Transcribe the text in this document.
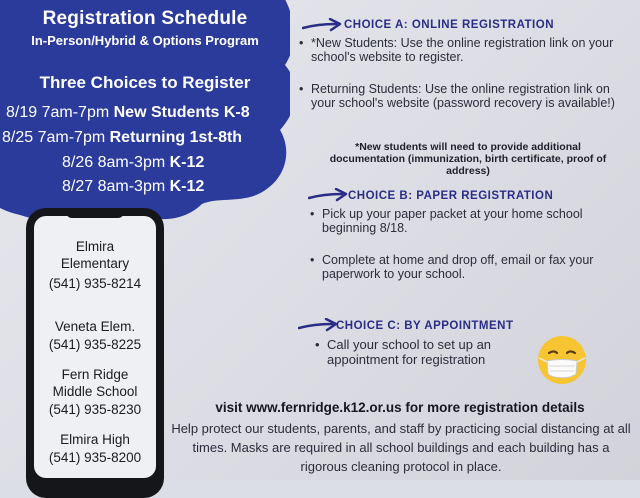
Registration Schedule
In-Person/Hybrid & Options Program
Three Choices to Register
8/19 7am-7pm New Students K-8
8/25 7am-7pm Returning 1st-8th
8/26 8am-3pm K-12
8/27 8am-3pm K-12
Elmira Elementary
(541) 935-8214
Veneta Elem.
(541) 935-8225
Fern Ridge Middle School
(541) 935-8230
Elmira High
(541) 935-8200
CHOICE A: ONLINE REGISTRATION
• *New Students: Use the online registration link on your school's website to register.
• Returning Students: Use the online registration link on your school's website (password recovery is available!)
*New students will need to provide additional documentation (immunization, birth certificate, proof of address)
CHOICE B: PAPER REGISTRATION
• Pick up your paper packet at your home school beginning 8/18.
• Complete at home and drop off, email or fax your paperwork to your school.
CHOICE C: BY APPOINTMENT
• Call your school to set up an appointment for registration
visit www.fernridge.k12.or.us for more registration details
Help protect our students, parents, and staff by practicing social distancing at all times. Masks are required in all school buildings and each building has a rigorous cleaning protocol in place.
